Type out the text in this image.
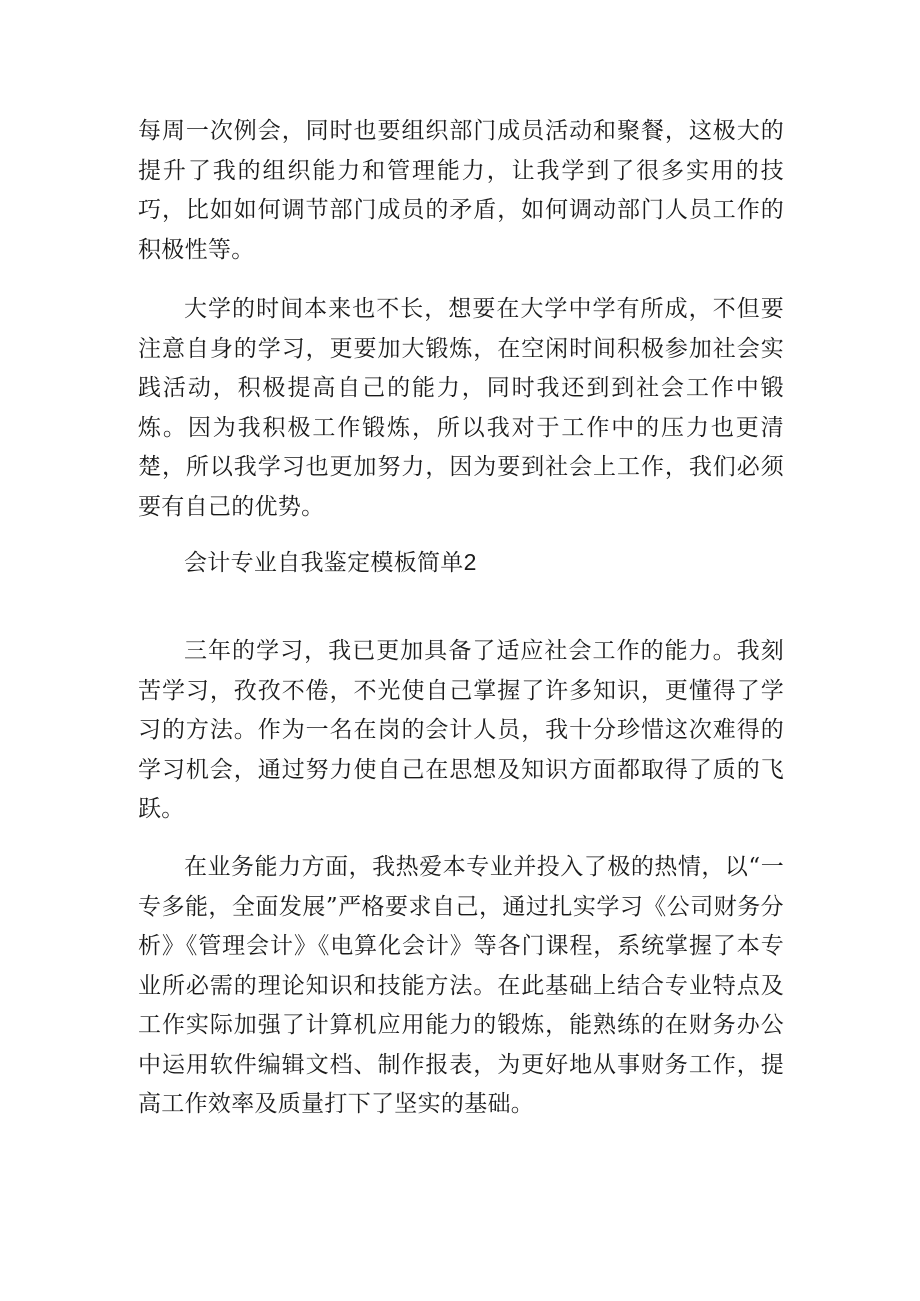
每周一次例会，同时也要组织部门成员活动和聚餐，这极大的提升了我的组织能力和管理能力，让我学到了很多实用的技巧，比如如何调节部门成员的矛盾，如何调动部门人员工作的积极性等。

大学的时间本来也不长，想要在大学中学有所成，不但要注意自身的学习，更要加大锻炼，在空闲时间积极参加社会实践活动，积极提高自己的能力，同时我还到到社会工作中锻炼。因为我积极工作锻炼，所以我对于工作中的压力也更清楚，所以我学习也更加努力，因为要到社会上工作，我们必须要有自己的优势。

会计专业自我鉴定模板简单2

三年的学习，我已更加具备了适应社会工作的能力。我刻苦学习，孜孜不倦，不光使自己掌握了许多知识，更懂得了学习的方法。作为一名在岗的会计人员，我十分珍惜这次难得的学习机会，通过努力使自己在思想及知识方面都取得了质的飞跃。

在业务能力方面，我热爱本专业并投入了极的热情，以“一专多能，全面发展”严格要求自己，通过扎实学习《公司财务分析》《管理会计》《电算化会计》等各门课程，系统掌握了本专业所必需的理论知识和技能方法。在此基础上结合专业特点及工作实际加强了计算机应用能力的锻炼，能熟练的在财务办公中运用软件编辑文档、制作报表，为更好地从事财务工作，提高工作效率及质量打下了坚实的基础。
